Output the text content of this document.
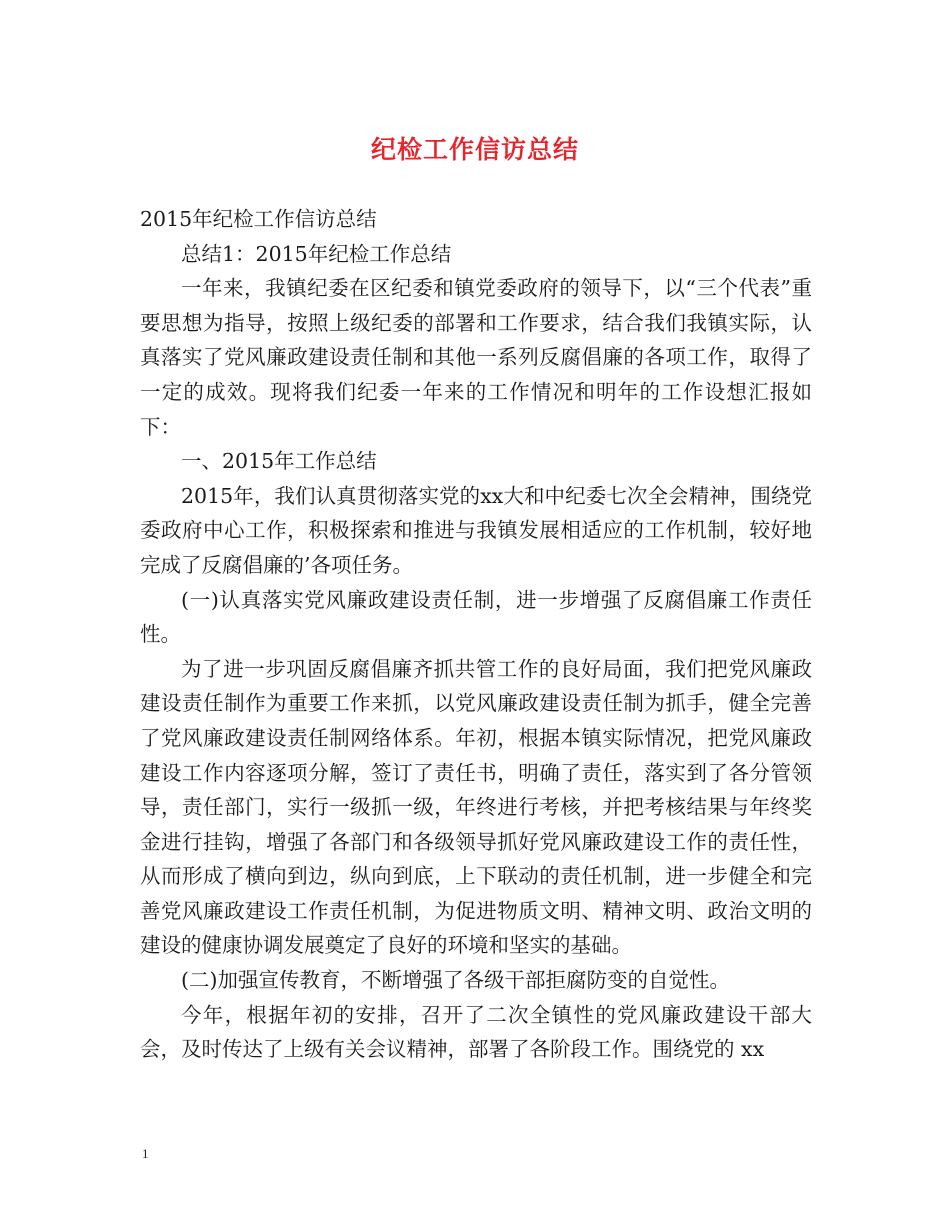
纪检工作信访总结

2015年纪检工作信访总结

总结1：2015年纪检工作总结

一年来，我镇纪委在区纪委和镇党委政府的领导下，以“三个代表”重要思想为指导，按照上级纪委的部署和工作要求，结合我们我镇实际，认真落实了党风廉政建设责任制和其他一系列反腐倡廉的各项工作，取得了一定的成效。现将我们纪委一年来的工作情况和明年的工作设想汇报如下：

一、2015年工作总结

2015年，我们认真贯彻落实党的xx大和中纪委七次全会精神，围绕党委政府中心工作，积极探索和推进与我镇发展相适应的工作机制，较好地完成了反腐倡廉的’各项任务。

(一)认真落实党风廉政建设责任制，进一步增强了反腐倡廉工作责任性。

为了进一步巩固反腐倡廉齐抓共管工作的良好局面，我们把党风廉政建设责任制作为重要工作来抓，以党风廉政建设责任制为抓手，健全完善了党风廉政建设责任制网络体系。年初，根据本镇实际情况，把党风廉政建设工作内容逐项分解，签订了责任书，明确了责任，落实到了各分管领导，责任部门，实行一级抓一级，年终进行考核，并把考核结果与年终奖金进行挂钩，增强了各部门和各级领导抓好党风廉政建设工作的责任性，从而形成了横向到边，纵向到底，上下联动的责任机制，进一步健全和完善党风廉政建设工作责任机制，为促进物质文明、精神文明、政治文明的建设的健康协调发展奠定了良好的环境和坚实的基础。

(二)加强宣传教育，不断增强了各级干部拒腐防变的自觉性。

今年，根据年初的安排，召开了二次全镇性的党风廉政建设干部大会，及时传达了上级有关会议精神，部署了各阶段工作。围绕党的 xx

1
